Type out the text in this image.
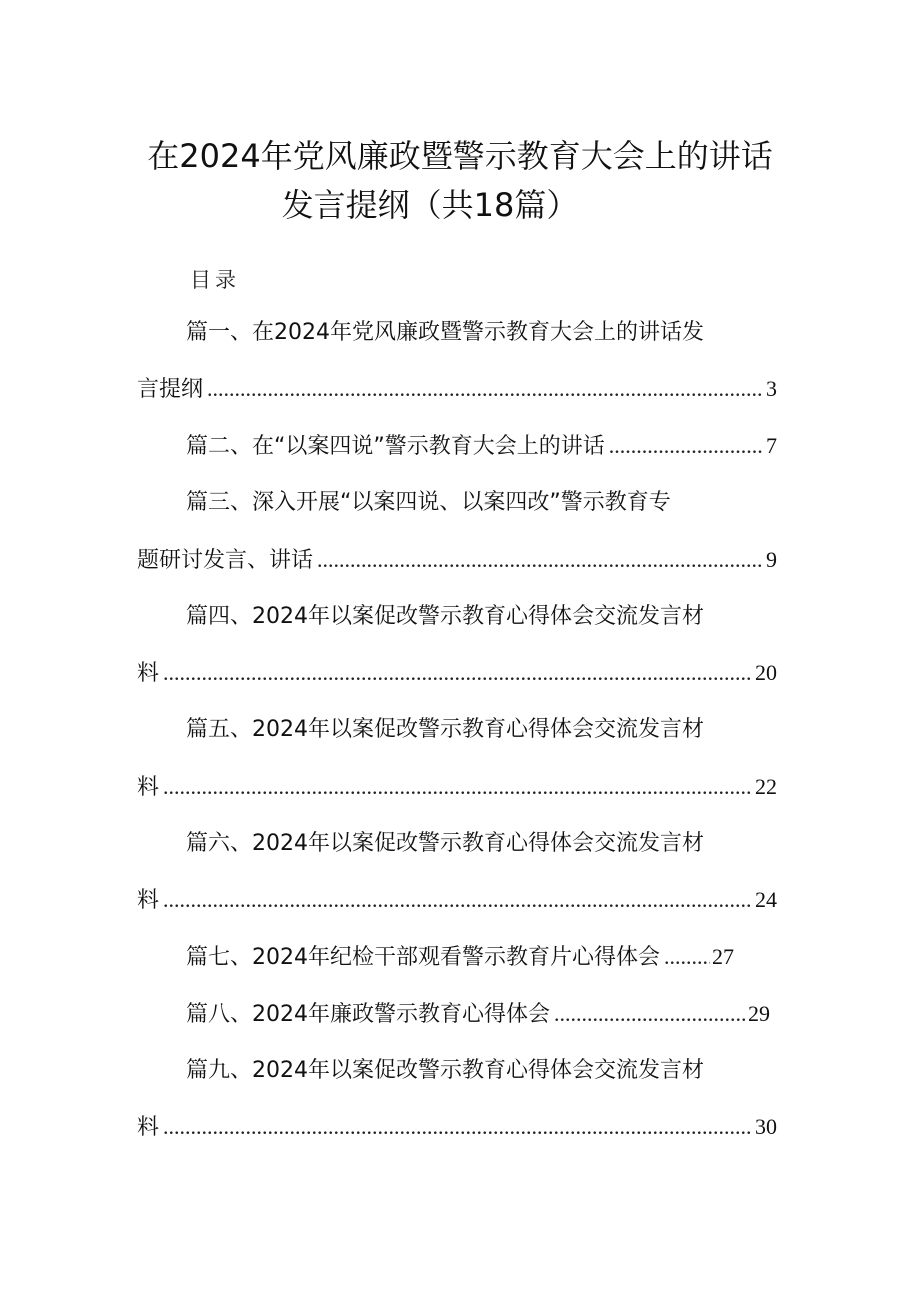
在2024年党风廉政暨警示教育大会上的讲话
发言提纲（共18篇）
目录
篇一、在2024年党风廉政暨警示教育大会上的讲话发
言提纲 .....	3
篇二、在“以案四说”警示教育大会上的讲话 .....	7
篇三、深入开展“以案四说、以案四改”警示教育专
题研讨发言、讲话 .....	9
篇四、2024年以案促改警示教育心得体会交流发言材
料 .....	20
篇五、2024年以案促改警示教育心得体会交流发言材
料 .....	22
篇六、2024年以案促改警示教育心得体会交流发言材
料 .....	24
篇七、2024年纪检干部观看警示教育片心得体会 ..... 27
篇八、2024年廉政警示教育心得体会 .....	29
篇九、2024年以案促改警示教育心得体会交流发言材
料 .....	30
